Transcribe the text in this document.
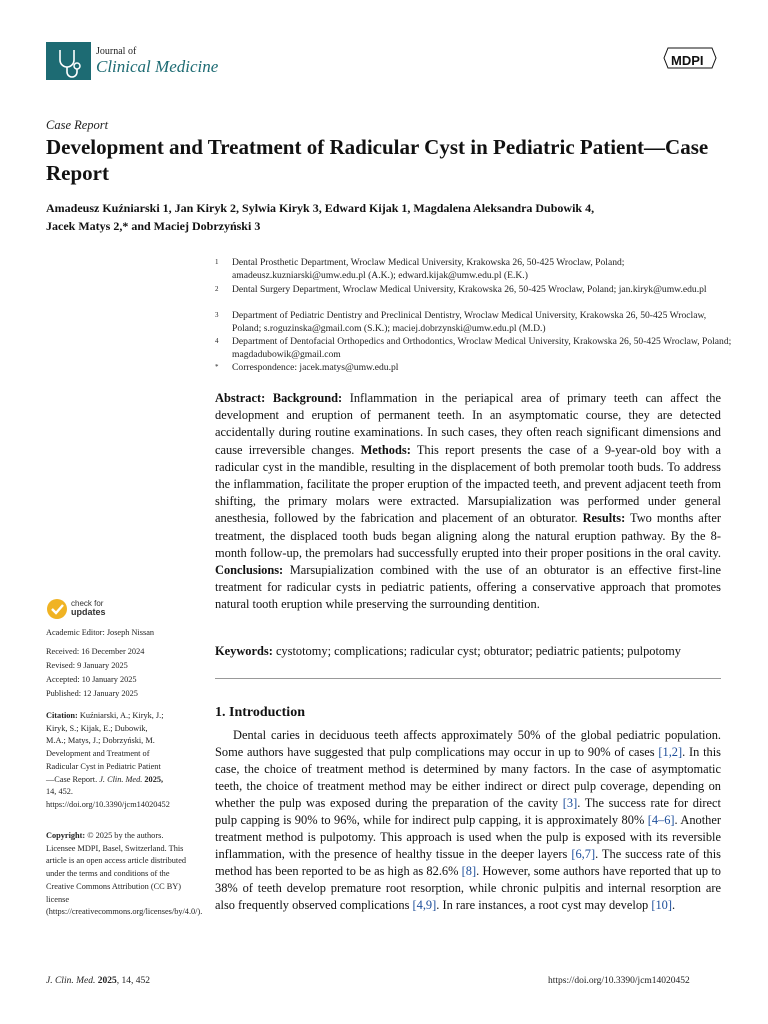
Journal of
Clinical Medicine	MDPI
Case Report
Development and Treatment of Radicular Cyst in Pediatric Patient—Case Report
Amadeusz Kuźniarski 1, Jan Kiryk 2, Sylwia Kiryk 3, Edward Kijak 1, Magdalena Aleksandra Dubowik 4,
Jacek Matys 2,* and Maciej Dobrzyński 3
1 Dental Prosthetic Department, Wroclaw Medical University, Krakowska 26, 50-425 Wroclaw, Poland; amadeusz.kuzniarski@umw.edu.pl (A.K.); edward.kijak@umw.edu.pl (E.K.)
2 Dental Surgery Department, Wroclaw Medical University, Krakowska 26, 50-425 Wroclaw, Poland; jan.kiryk@umw.edu.pl
3 Department of Pediatric Dentistry and Preclinical Dentistry, Wroclaw Medical University, Krakowska 26, 50-425 Wroclaw, Poland; s.roguzinska@gmail.com (S.K.); maciej.dobrzynski@umw.edu.pl (M.D.)
4 Department of Dentofacial Orthopedics and Orthodontics, Wroclaw Medical University, Krakowska 26, 50-425 Wroclaw, Poland; magdadubowik@gmail.com
* Correspondence: jacek.matys@umw.edu.pl
Abstract: Background: Inflammation in the periapical area of primary teeth can affect the development and eruption of permanent teeth. In an asymptomatic course, they are detected accidentally during routine examinations. In such cases, they often reach significant dimensions and cause irreversible changes. Methods: This report presents the case of a 9-year-old boy with a radicular cyst in the mandible, resulting in the displacement of both premolar tooth buds. To address the inflammation, facilitate the proper eruption of the impacted teeth, and prevent adjacent teeth from shifting, the primary molars were extracted. Marsupialization was performed under general anesthesia, followed by the fabrication and placement of an obturator. Results: Two months after treatment, the displaced tooth buds began aligning along the natural eruption pathway. By the 8-month follow-up, the premolars had successfully erupted into their proper positions in the oral cavity. Conclusions: Marsupialization combined with the use of an obturator is an effective first-line treatment for radicular cysts in pediatric patients, offering a conservative approach that promotes natural tooth eruption while preserving the surrounding dentition.
Keywords: cystotomy; complications; radicular cyst; obturator; pediatric patients; pulpotomy
1. Introduction

Dental caries in deciduous teeth affects approximately 50% of the global pediatric population. Some authors have suggested that pulp complications may occur in up to 90% of cases [1,2]. In this case, the choice of treatment method is determined by many factors. In the case of asymptomatic teeth, the choice of treatment method may be either indirect or direct pulp coverage, depending on whether the pulp was exposed during the preparation of the cavity [3]. The success rate for direct pulp capping is 90% to 96%, while for indirect pulp capping, it is approximately 80% [4–6]. Another treatment method is pulpotomy. This approach is used when the pulp is exposed with its reversible inflammation, with the presence of healthy tissue in the deeper layers [6,7]. The success rate of this method has been reported to be as high as 82.6% [8]. However, some authors have reported that up to 38% of teeth develop premature root resorption, while chronic pulpitis and internal resorption are also frequently observed complications [4,9]. In rare instances, a root cyst may develop [10].

check for
updates
Academic Editor: Joseph Nissan
Received: 16 December 2024
Revised: 9 January 2025
Accepted: 10 January 2025
Published: 12 January 2025
Citation: Kuźniarski, A.; Kiryk, J.; Kiryk, S.; Kijak, E.; Dubowik, M.A.; Matys, J.; Dobrzyński, M. Development and Treatment of Radicular Cyst in Pediatric Patient—Case Report. J. Clin. Med. 2025, 14, 452. https://doi.org/10.3390/jcm14020452
Copyright: © 2025 by the authors. Licensee MDPI, Basel, Switzerland. This article is an open access article distributed under the terms and conditions of the Creative Commons Attribution (CC BY) license (https://creativecommons.org/licenses/by/4.0/).
J. Clin. Med. 2025, 14, 452	https://doi.org/10.3390/jcm14020452
